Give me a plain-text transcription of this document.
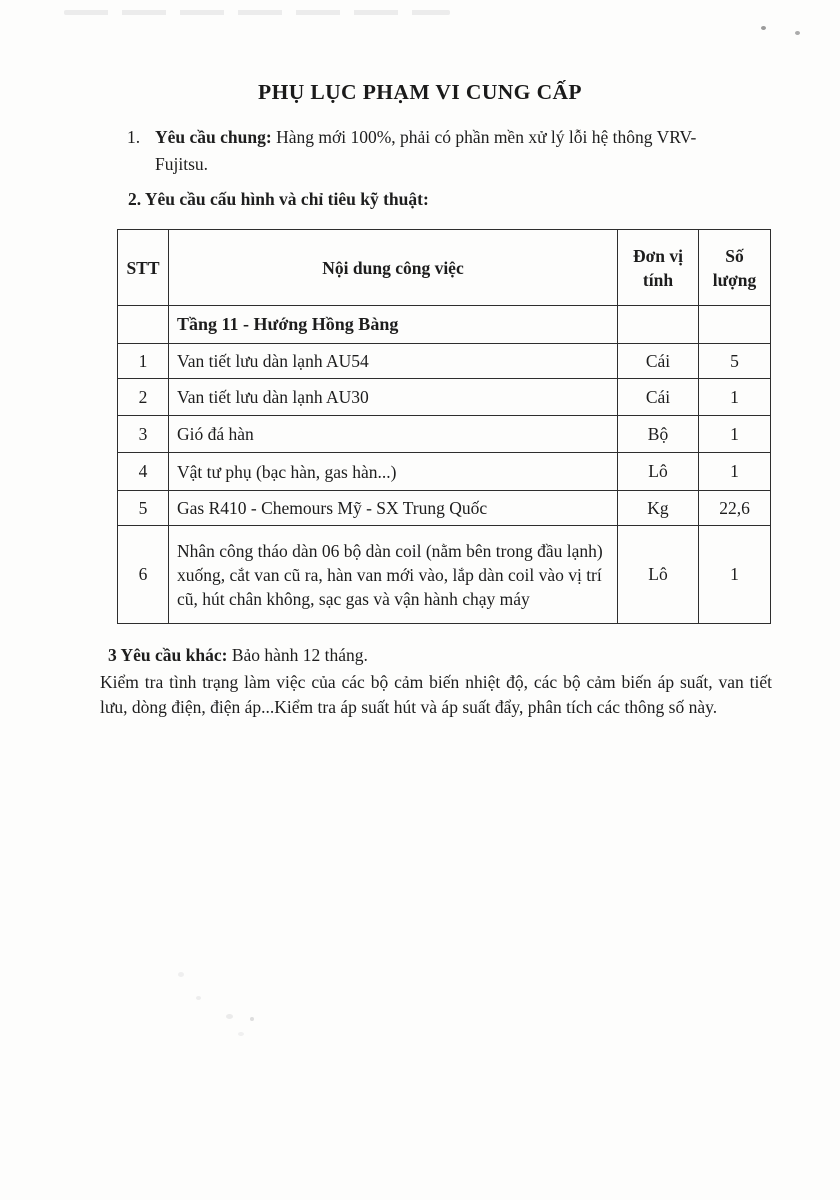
PHỤ LỤC PHẠM VI CUNG CẤP
1. Yêu cầu chung: Hàng mới 100%, phải có phần mền xử lý lỗi hệ thông VRV-
Fujitsu.
2. Yêu cầu cấu hình và chỉ tiêu kỹ thuật:
STT	Nội dung công việc	Đơn vị tính	Số lượng
	Tầng 11 - Hướng Hồng Bàng		
1	Van tiết lưu dàn lạnh AU54	Cái	5
2	Van tiết lưu dàn lạnh AU30	Cái	1
3	Gió đá hàn	Bộ	1
4	Vật tư phụ (bạc hàn, gas hàn...)	Lô	1
5	Gas R410 - Chemours Mỹ - SX Trung Quốc	Kg	22,6
6	Nhân công tháo dàn 06 bộ dàn coil (nằm bên trong đầu lạnh) xuống, cắt van cũ ra, hàn van mới vào, lắp dàn coil vào vị trí cũ, hút chân không, sạc gas và vận hành chạy máy	Lô	1
3 Yêu cầu khác: Bảo hành 12 tháng.
Kiểm tra tình trạng làm việc của các bộ cảm biến nhiệt độ, các bộ cảm biến áp suất, van tiết lưu, dòng điện, điện áp...Kiểm tra áp suất hút và áp suất đẩy, phân tích các thông số này.
